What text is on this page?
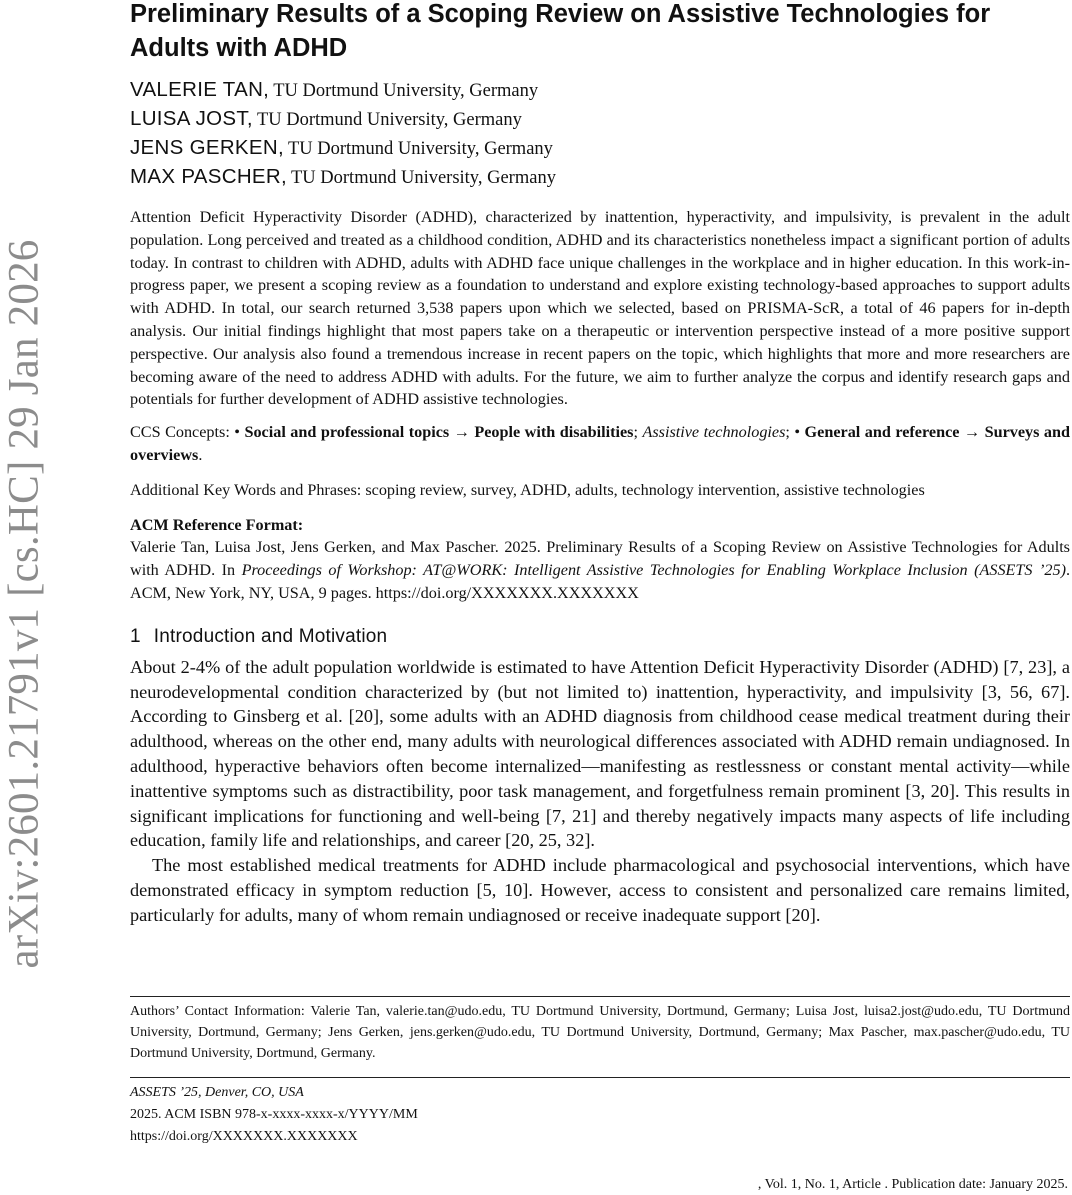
arXiv:2601.21791v1 [cs.HC] 29 Jan 2026
Preliminary Results of a Scoping Review on Assistive Technologies for Adults with ADHD
VALERIE TAN, TU Dortmund University, Germany
LUISA JOST, TU Dortmund University, Germany
JENS GERKEN, TU Dortmund University, Germany
MAX PASCHER, TU Dortmund University, Germany
Attention Deficit Hyperactivity Disorder (ADHD), characterized by inattention, hyperactivity, and impulsivity, is prevalent in the adult population. Long perceived and treated as a childhood condition, ADHD and its characteristics nonetheless impact a significant portion of adults today. In contrast to children with ADHD, adults with ADHD face unique challenges in the workplace and in higher education. In this work-in-progress paper, we present a scoping review as a foundation to understand and explore existing technology-based approaches to support adults with ADHD. In total, our search returned 3,538 papers upon which we selected, based on PRISMA-ScR, a total of 46 papers for in-depth analysis. Our initial findings highlight that most papers take on a therapeutic or intervention perspective instead of a more positive support perspective. Our analysis also found a tremendous increase in recent papers on the topic, which highlights that more and more researchers are becoming aware of the need to address ADHD with adults. For the future, we aim to further analyze the corpus and identify research gaps and potentials for further development of ADHD assistive technologies.
CCS Concepts: • Social and professional topics → People with disabilities; Assistive technologies; • General and reference → Surveys and overviews.
Additional Key Words and Phrases: scoping review, survey, ADHD, adults, technology intervention, assistive technologies
ACM Reference Format:
Valerie Tan, Luisa Jost, Jens Gerken, and Max Pascher. 2025. Preliminary Results of a Scoping Review on Assistive Technologies for Adults with ADHD. In Proceedings of Workshop: AT@WORK: Intelligent Assistive Technologies for Enabling Workplace Inclusion (ASSETS ’25). ACM, New York, NY, USA, 9 pages. https://doi.org/XXXXXXX.XXXXXXX
1 Introduction and Motivation

About 2-4% of the adult population worldwide is estimated to have Attention Deficit Hyperactivity Disorder (ADHD) [7, 23], a neurodevelopmental condition characterized by (but not limited to) inattention, hyperactivity, and impulsivity [3, 56, 67]. According to Ginsberg et al. [20], some adults with an ADHD diagnosis from childhood cease medical treatment during their adulthood, whereas on the other end, many adults with neurological differences associated with ADHD remain undiagnosed. In adulthood, hyperactive behaviors often become internalized—manifesting as restlessness or constant mental activity—while inattentive symptoms such as distractibility, poor task management, and forgetfulness remain prominent [3, 20]. This results in significant implications for functioning and well-being [7, 21] and thereby negatively impacts many aspects of life including education, family life and relationships, and career [20, 25, 32].

The most established medical treatments for ADHD include pharmacological and psychosocial interventions, which have demonstrated efficacy in symptom reduction [5, 10]. However, access to consistent and personalized care remains limited, particularly for adults, many of whom remain undiagnosed or receive inadequate support [20].

Authors’ Contact Information: Valerie Tan, valerie.tan@udo.edu, TU Dortmund University, Dortmund, Germany; Luisa Jost, luisa2.jost@udo.edu, TU Dortmund University, Dortmund, Germany; Jens Gerken, jens.gerken@udo.edu, TU Dortmund University, Dortmund, Germany; Max Pascher, max.pascher@udo.edu, TU Dortmund University, Dortmund, Germany.
ASSETS ’25, Denver, CO, USA
2025. ACM ISBN 978-x-xxxx-xxxx-x/YYYY/MM
https://doi.org/XXXXXXX.XXXXXXX
, Vol. 1, No. 1, Article . Publication date: January 2025.
